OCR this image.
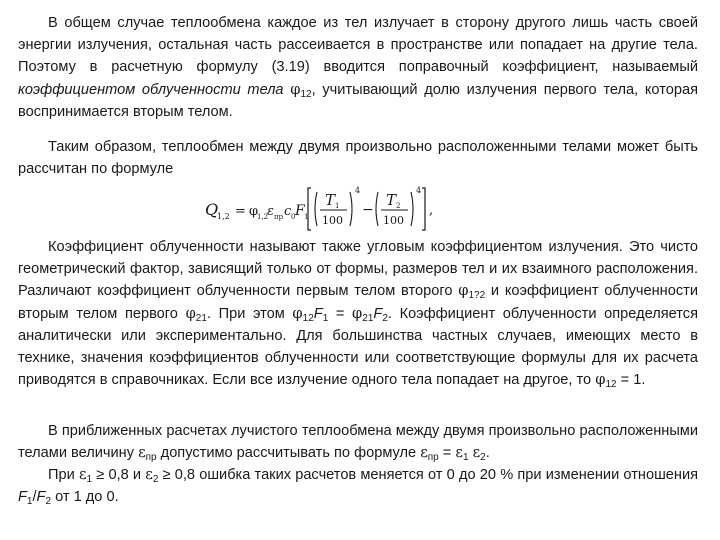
В общем случае теплообмена каждое из тел излучает в сторону другого лишь часть своей энергии излучения, остальная часть рассеивается в пространстве или попадает на другие тела. Поэтому в расчетную формулу (3.19) вводится поправочный коэффициент, называемый коэффициентом облученности тела $\varphi_{12}$, учитывающий долю излучения первого тела, которая воспринимается вторым телом.

Таким образом, теплообмен между двумя произвольно расположенными телами может быть рассчитан по формуле

Q
1,2 = φ
1,2
ε пр c 0 F 1
T 1
100
4
−
T 2
100
4
,

Коэффициент облученности называют также угловым коэффициентом излучения. Это чисто геометрический фактор, зависящий только от формы, размеров тел и их взаимного расположения. Различают коэффициент облученности первым телом второго $\varphi_{1?2}$ и коэффициент облученности вторым телом первого $\varphi_{21}$. При этом $\varphi_{12}F_1 = \varphi_{21}F_2$. Коэффициент облученности определяется аналитически или экспериментально. Для большинства частных случаев, имеющих место в технике, значения коэффициентов облученности или соответствующие формулы для их расчета приводятся в справочниках. Если все излучение одного тела попадает на другое, то $\varphi_{12} = 1$.

В приближенных расчетах лучистого теплообмена между двумя произвольно расположенными телами величину $\varepsilon_{пр}$ допустимо рассчитывать по формуле $\varepsilon_{пр} = \varepsilon_1$ $\varepsilon_2$.

При $\varepsilon_1 \ge 0,8$ и $\varepsilon_2 \ge 0,8$ ошибка таких расчетов меняется от 0 до 20 % при изменении отношения $F_1/F_2$ от 1 до 0.
